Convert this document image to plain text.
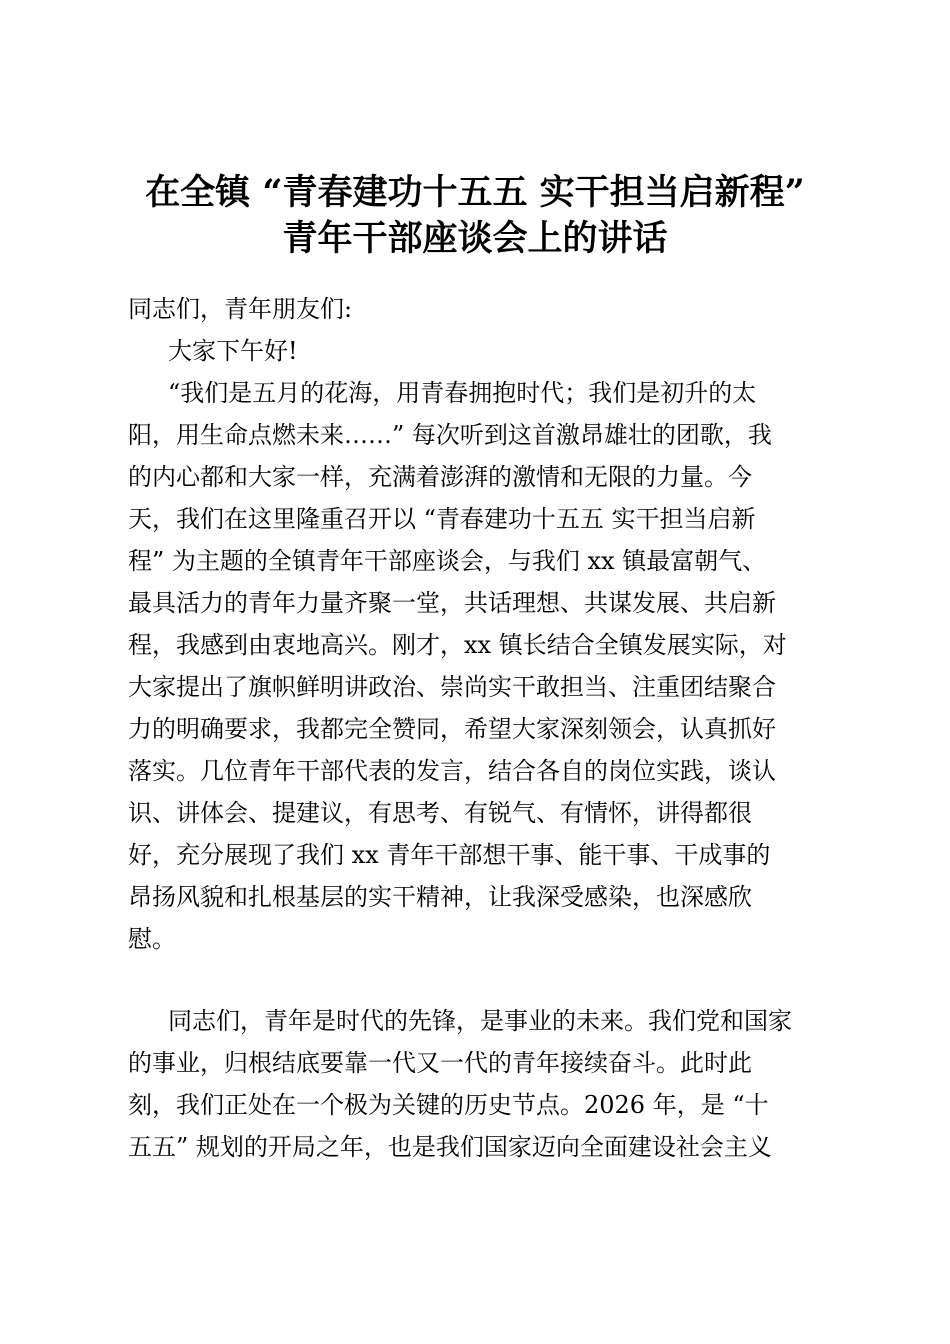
在全镇 “青春建功十五五 实干担当启新程”
青年干部座谈会上的讲话

同志们，青年朋友们:

大家下午好!

“我们是五月的花海，用青春拥抱时代；我们是初升的太
阳，用生命点燃未来……” 每次听到这首激昂雄壮的团歌，我
的内心都和大家一样，充满着澎湃的激情和无限的力量。今
天，我们在这里隆重召开以 “青春建功十五五 实干担当启新
程” 为主题的全镇青年干部座谈会，与我们 xx 镇最富朝气、
最具活力的青年力量齐聚一堂，共话理想、共谋发展、共启新
程，我感到由衷地高兴。刚才，xx 镇长结合全镇发展实际，对
大家提出了旗帜鲜明讲政治、崇尚实干敢担当、注重团结聚合
力的明确要求，我都完全赞同，希望大家深刻领会，认真抓好
落实。几位青年干部代表的发言，结合各自的岗位实践，谈认
识、讲体会、提建议，有思考、有锐气、有情怀，讲得都很
好，充分展现了我们 xx 青年干部想干事、能干事、干成事的
昂扬风貌和扎根基层的实干精神，让我深受感染，也深感欣
慰。

同志们，青年是时代的先锋，是事业的未来。我们党和国家
的事业，归根结底要靠一代又一代的青年接续奋斗。此时此
刻，我们正处在一个极为关键的历史节点。2026 年，是 “十
五五” 规划的开局之年，也是我们国家迈向全面建设社会主义
